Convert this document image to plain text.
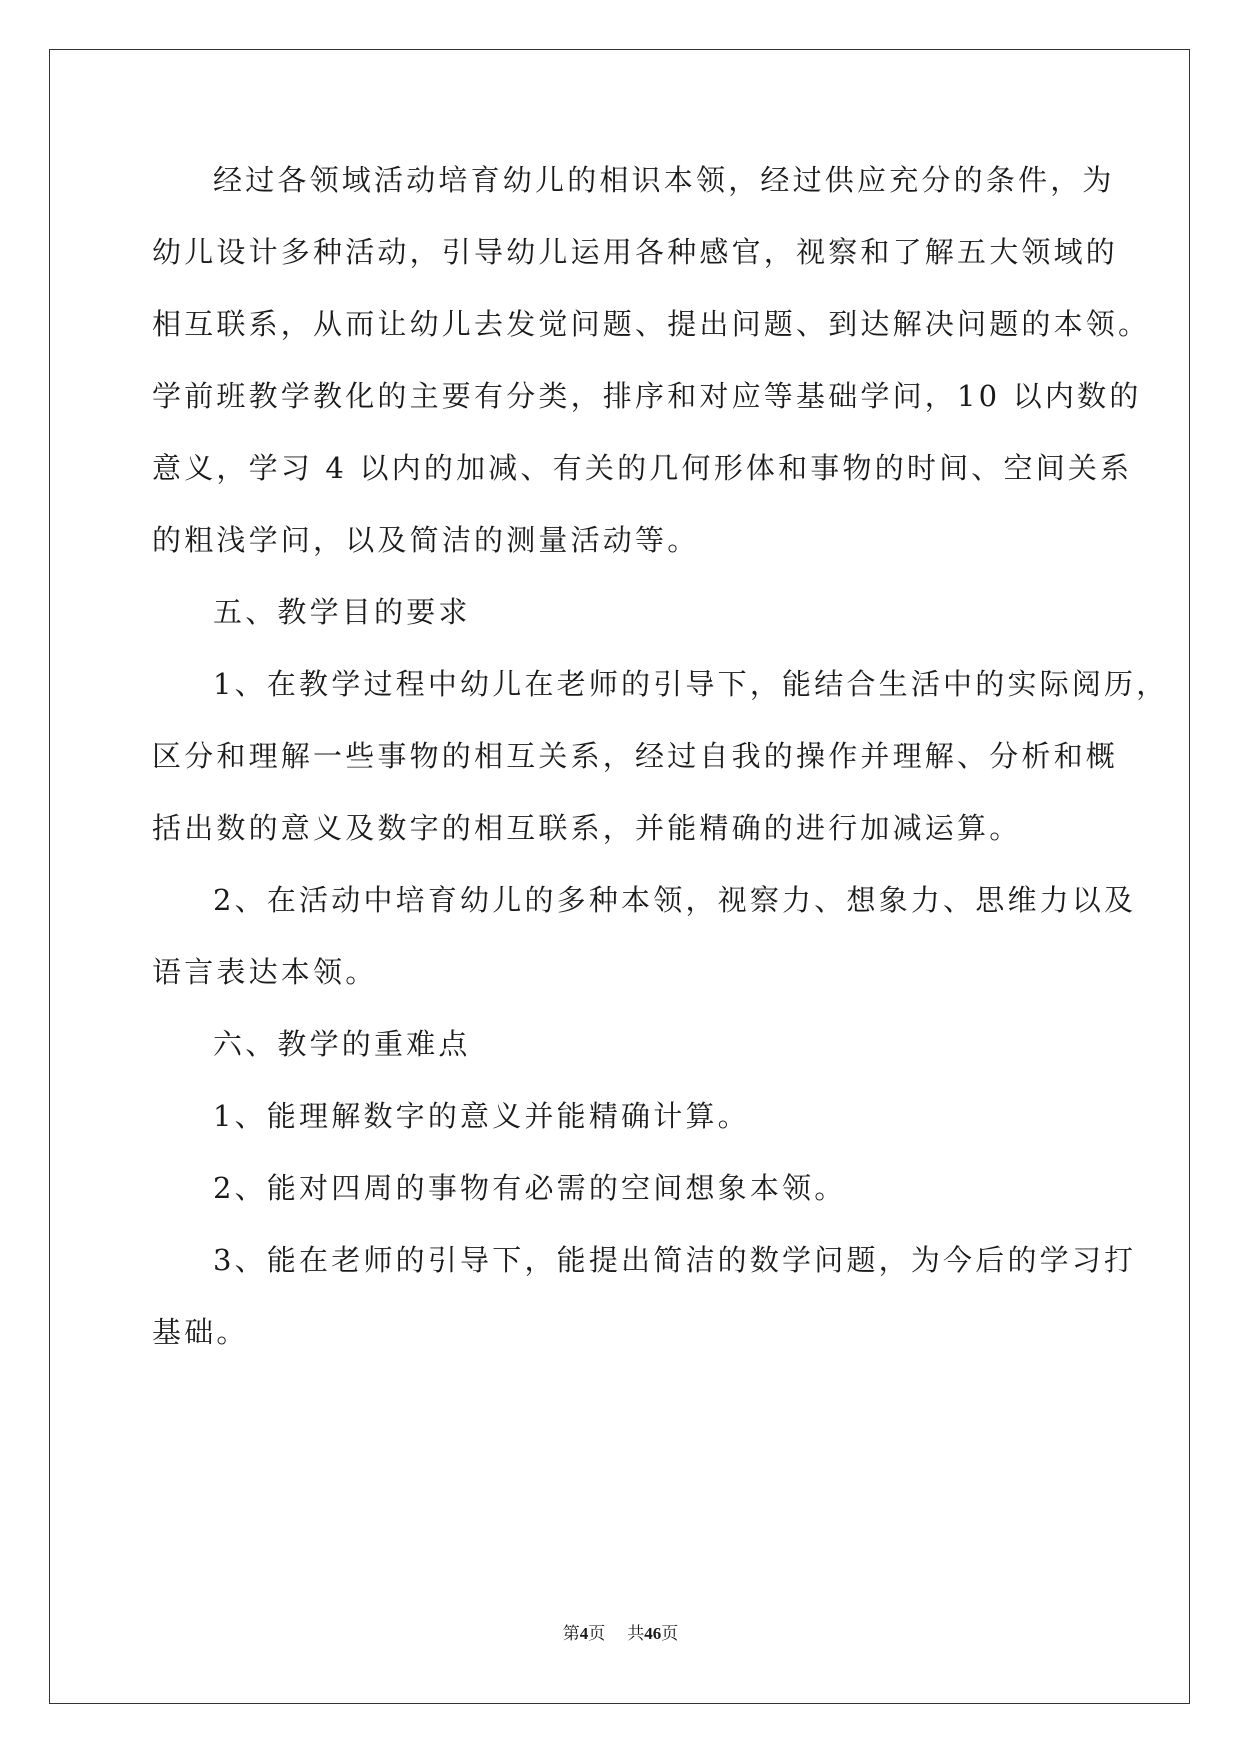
经过各领域活动培育幼儿的相识本领，经过供应充分的条件，为
幼儿设计多种活动，引导幼儿运用各种感官，视察和了解五大领域的
相互联系，从而让幼儿去发觉问题、提出问题、到达解决问题的本领。
学前班教学教化的主要有分类，排序和对应等基础学问，10 以内数的
意义，学习 4 以内的加减、有关的几何形体和事物的时间、空间关系
的粗浅学问，以及简洁的测量活动等。
五、教学目的要求
1、在教学过程中幼儿在老师的引导下，能结合生活中的实际阅历，
区分和理解一些事物的相互关系，经过自我的操作并理解、分析和概
括出数的意义及数字的相互联系，并能精确的进行加减运算。
2、在活动中培育幼儿的多种本领，视察力、想象力、思维力以及
语言表达本领。
六、教学的重难点
1、能理解数字的意义并能精确计算。
2、能对四周的事物有必需的空间想象本领。
3、能在老师的引导下，能提出简洁的数学问题，为今后的学习打
基础。
第4页 共46页
